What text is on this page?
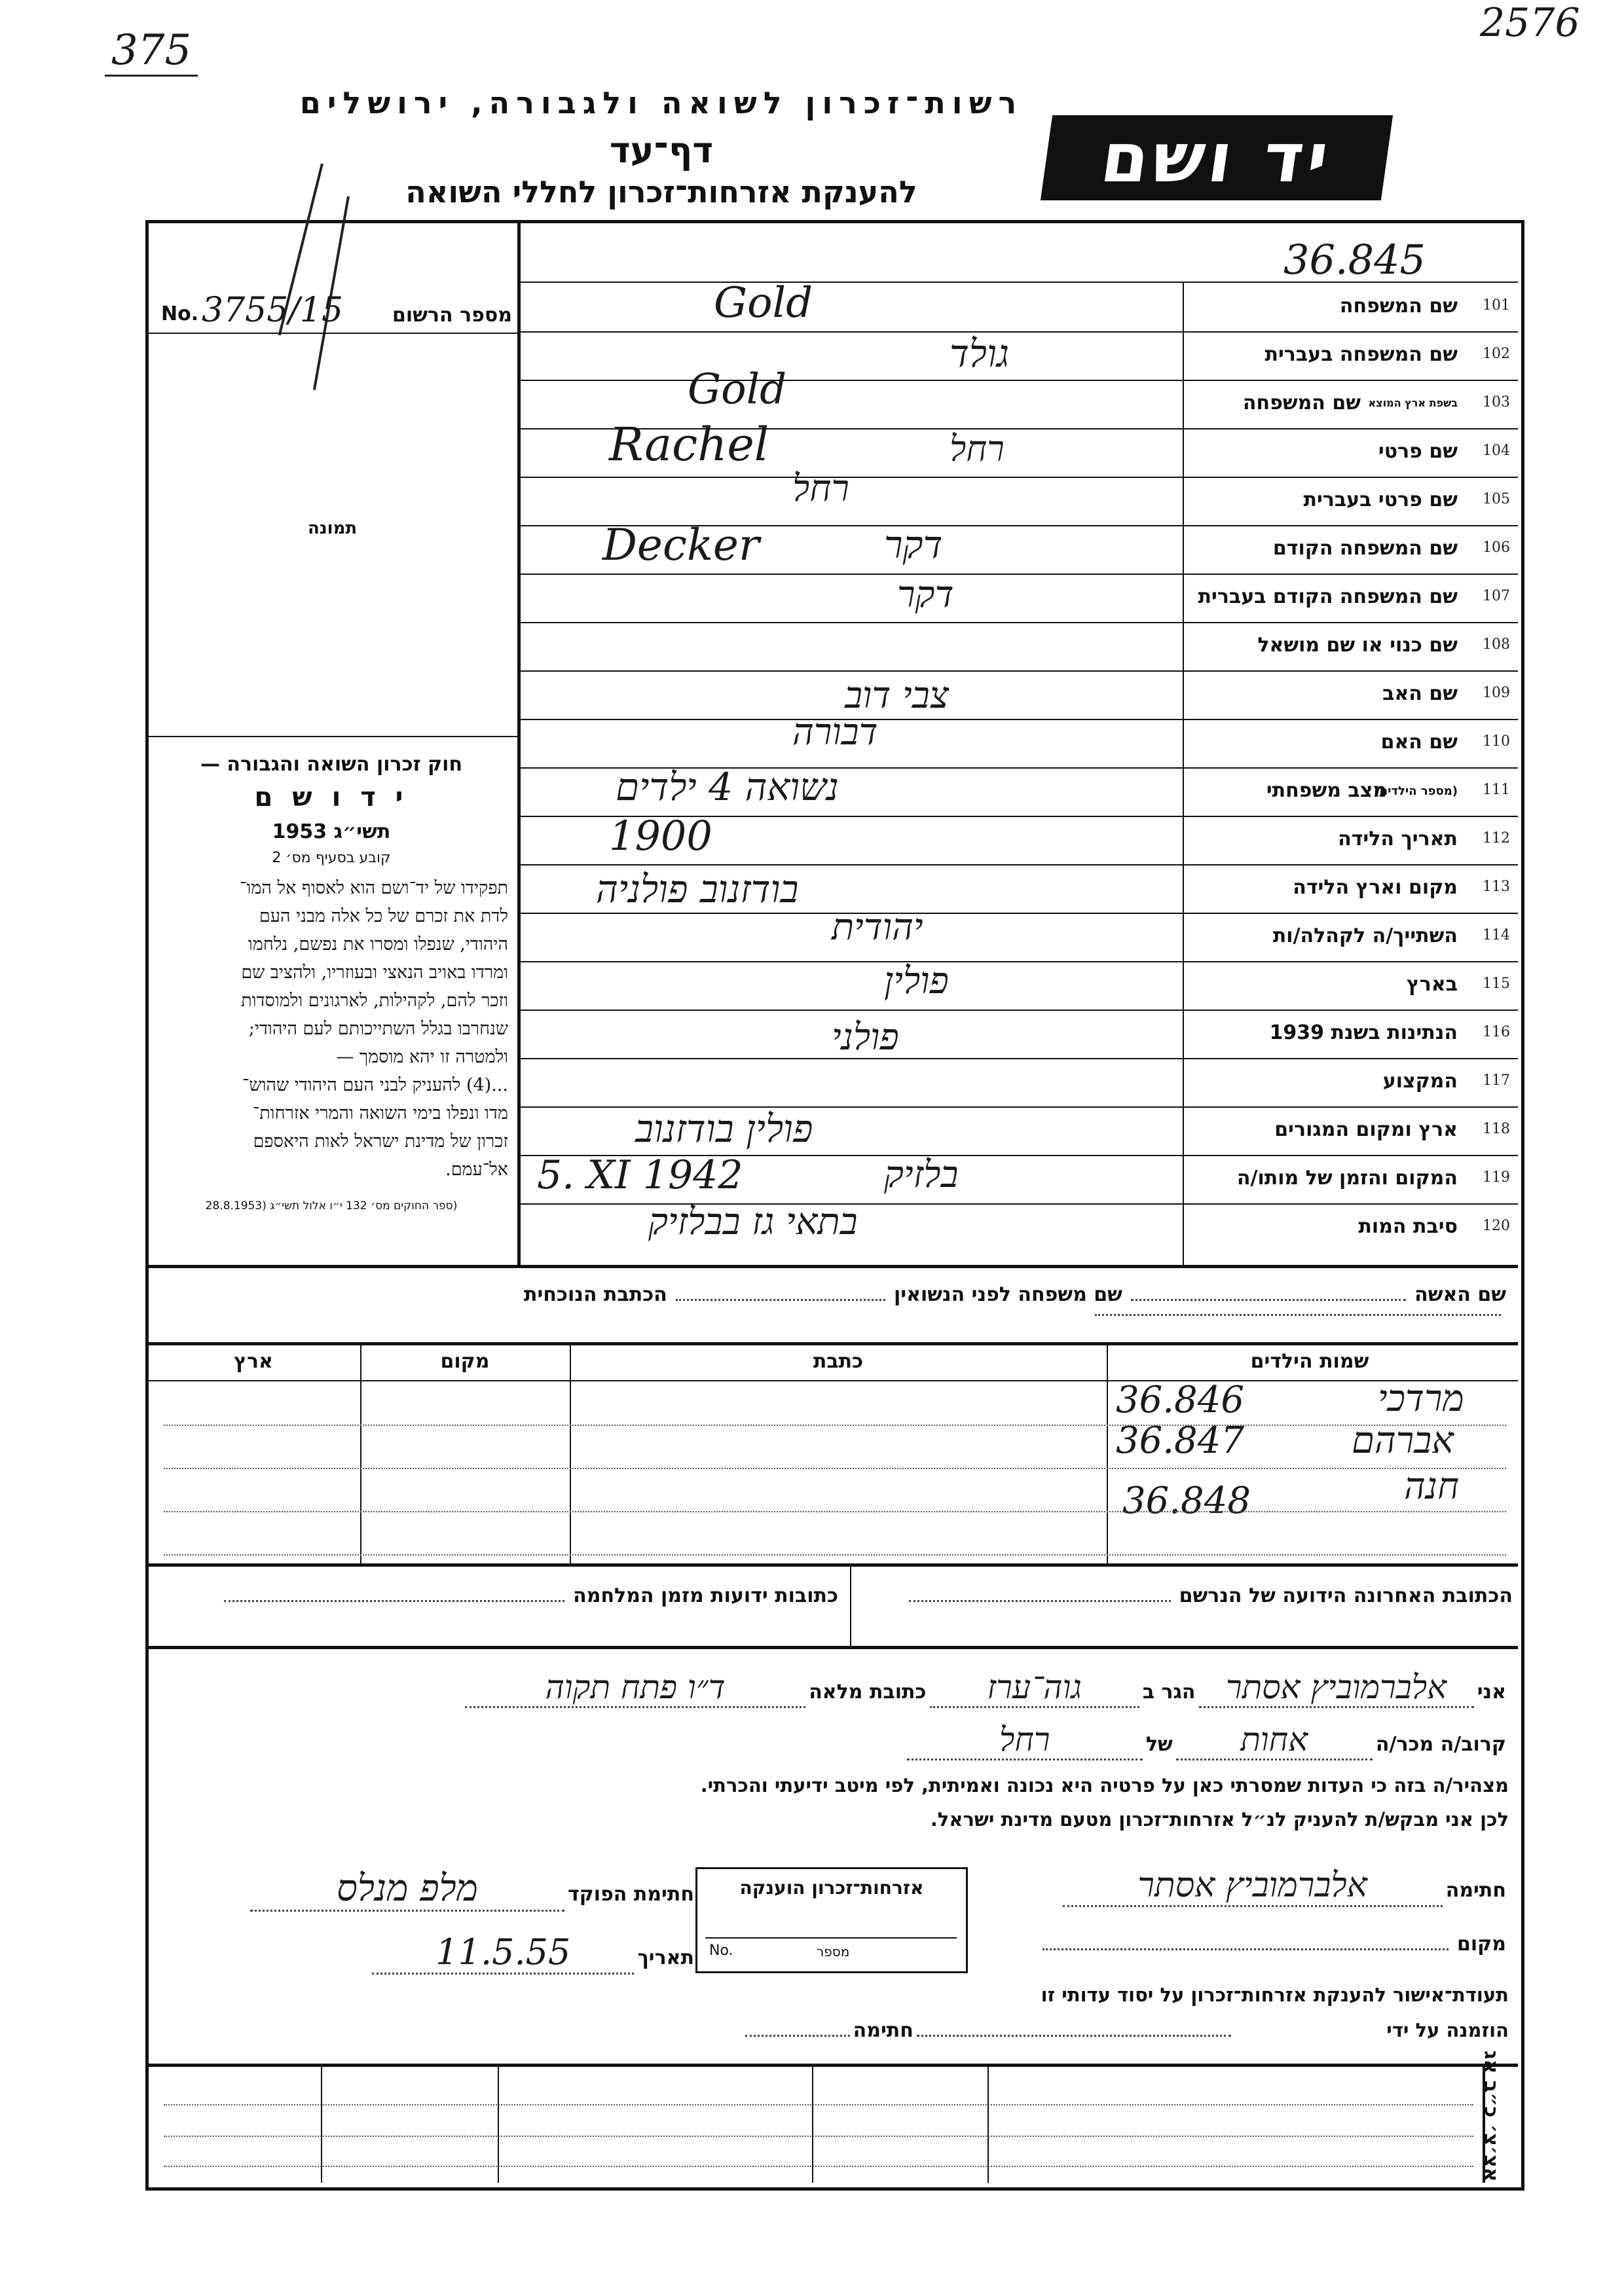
375
2576
רשות־זכרון לשואה ולגבורה, ירושלים
דף־עד
להענקת אזרחות־זכרון לחללי השואה	יד ושם
36.845
No. 3755/15	מספר הרשום
תמונה
חוק זכרון השואה והגבורה —
י ד ו ש ם
תשי״ג 1953
קובע בסעיף מס׳ 2
תפקידו של יד־ושם הוא לאסוף אל המו־
לדת את זכרם של כל אלה מבני העם
היהודי, שנפלו ומסרו את נפשם, נלחמו
ומרדו באויב הנאצי ובעוזריו, ולהציב שם
וזכר להם, לקהילות, לארגונים ולמוסדות
שנחרבו בגלל השתייכותם לעם היהודי;
ולמטרה זו יהא מוסמך —
...(4) להעניק לבני העם היהודי שהוש־
מדו ונפלו בימי השואה והמרי אזרחות־
זכרון של מדינת ישראל לאות היאספם
אל־עמם.
(ספר החוקים מס׳ 132 י״ו אלול תשי״ג (28.8.1953
101
שם המשפחה
Gold
102
שם המשפחה בעברית
גולד
103
שם המשפחה בשפת ארץ המוצא
Gold
104
שם פרטי
Rachel	רחל
105
שם פרטי בעברית
רחל
106
שם המשפחה הקודם
Decker	דקר
107
שם המשפחה הקודם בעברית
דקר
108
שם כנוי או שם מושאל
109
שם האב
צבי דוב
110
שם האם
דבורה
111
מצב משפחתי
(מספר הילדים)
נשואה 4 ילדים
112
תאריך הלידה
1900
113
מקום וארץ הלידה
בודזנוב פולניה
114
השתייך/ה לקהלה/ות
יהודית
115
בארץ
פולין
116
הנתינות בשנת 1939
פולני
117
המקצוע
118
ארץ ומקום המגורים
פולין בודזנוב
119
המקום והזמן של מותו/ה
5. XI 1942	בלזיק
120
סיבת המות
בתאי גז בבלזיק
שם האשה  שם משפחה לפני הנשואין  הכתבת הנוכחית
שמות הילדים
כתבת
מקום
ארץ
מרדכי
36.846
אברהם
36.847
חנה
36.848
הכתובת האחרונה הידועה של הנרשם
כתובות ידועות מזמן המלחמה
אני אלברמוביץ אסתר הגר ב גוה־ערז כתובת מלאה ד״ו פתח תקוה
קרוב/ה מכר/ה אחות של רחל
מצהיר/ה בזה כי העדות שמסרתי כאן על פרטיה היא נכונה ואמיתית, לפי מיטב ידיעתי והכרתי.
לכן אני מבקש/ת להעניק לנ״ל אזרחות־זכרון מטעם מדינת ישראל.
חתימה אלברמוביץ אסתר
מקום
אזרחות־זכרון הוענקה
No.	מספר
חתימת הפוקד מלפ מנלס
תאריך 11.5.55
תעודת־אישור להענקת אזרחות־זכרון על יסוד עדותי זו
הוזמנה על ידי
חתימה
אצ׳צ׳ כ״ב אג
